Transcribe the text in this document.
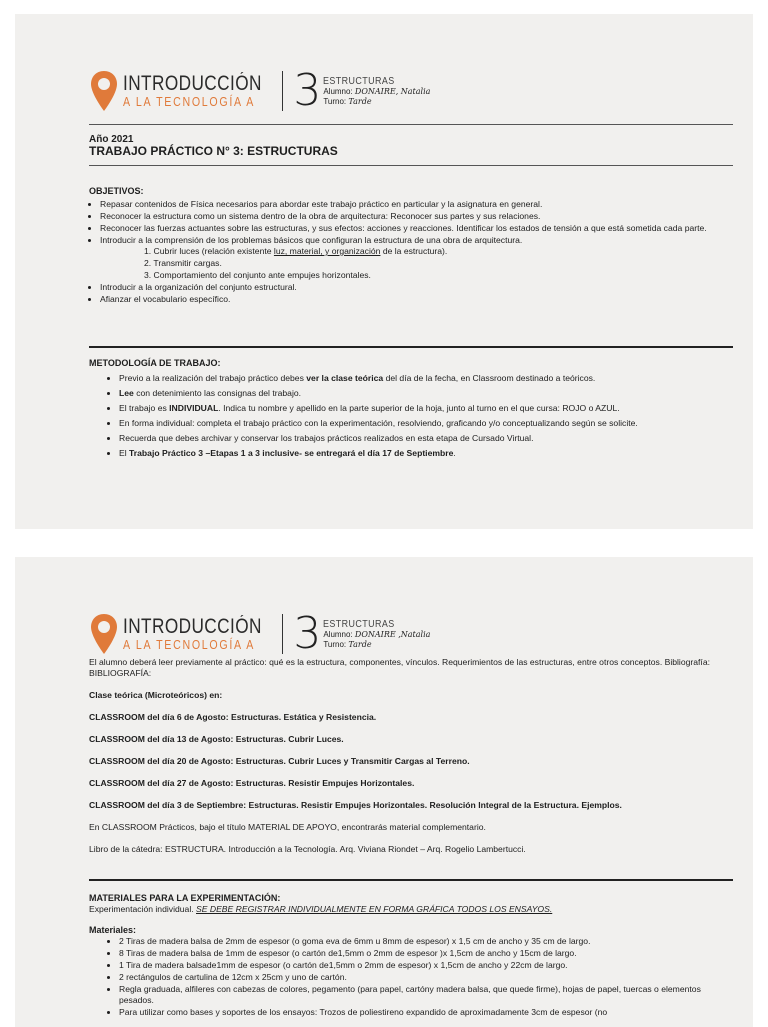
INTRODUCCIÓN
A LA TECNOLOGÍA A 3 ESTRUCTURAS
Alumno: DONAIRE, Natalia
Turno: Tarde
Año 2021
TRABAJO PRÁCTICO N° 3: ESTRUCTURAS
OBJETIVOS:
• Repasar contenidos de Física necesarios para abordar este trabajo práctico en particular y la asignatura en general.
• Reconocer la estructura como un sistema dentro de la obra de arquitectura: Reconocer sus partes y sus relaciones.
• Reconocer las fuerzas actuantes sobre las estructuras, y sus efectos: acciones y reacciones. Identificar los estados de tensión a que está sometida cada parte.
• Introducir a la comprensión de los problemas básicos que configuran la estructura de una obra de arquitectura.
1. Cubrir luces (relación existente luz, material, y organización de la estructura).
2. Transmitir cargas.
3. Comportamiento del conjunto ante empujes horizontales.
• Introducir a la organización del conjunto estructural.
• Afianzar el vocabulario específico.
METODOLOGÍA DE TRABAJO:
• Previo a la realización del trabajo práctico debes ver la clase teórica del día de la fecha, en Classroom destinado a teóricos.
• Lee con detenimiento las consignas del trabajo.
• El trabajo es INDIVIDUAL. Indica tu nombre y apellido en la parte superior de la hoja, junto al turno en el que cursa: ROJO o AZUL.
• En forma individual: completa el trabajo práctico con la experimentación, resolviendo, graficando y/o conceptualizando según se solicite.
• Recuerda que debes archivar y conservar los trabajos prácticos realizados en esta etapa de Cursado Virtual.
• El Trabajo Práctico 3 –Etapas 1 a 3 inclusive- se entregará el día 17 de Septiembre.
INTRODUCCIÓN
A LA TECNOLOGÍA A 3 ESTRUCTURAS
Alumno: DONAIRE ,Natalia
Turno: Tarde
El alumno deberá leer previamente al práctico: qué es la estructura, componentes, vínculos. Requerimientos de las estructuras, entre otros conceptos. Bibliografía: BIBLIOGRAFÍA:
Clase teórica (Microteóricos) en:
CLASSROOM del día 6 de Agosto: Estructuras. Estática y Resistencia.
CLASSROOM del día 13 de Agosto: Estructuras. Cubrir Luces.
CLASSROOM del día 20 de Agosto: Estructuras. Cubrir Luces y Transmitir Cargas al Terreno.
CLASSROOM del día 27 de Agosto: Estructuras. Resistir Empujes Horizontales.
CLASSROOM del día 3 de Septiembre: Estructuras. Resistir Empujes Horizontales. Resolución Integral de la Estructura. Ejemplos.
En CLASSROOM Prácticos, bajo el título MATERIAL DE APOYO, encontrarás material complementario.
Libro de la cátedra: ESTRUCTURA. Introducción a la Tecnología. Arq. Viviana Riondet – Arq. Rogelio Lambertucci.
MATERIALES PARA LA EXPERIMENTACIÓN:
Experimentación individual. SE DEBE REGISTRAR INDIVIDUALMENTE EN FORMA GRÁFICA TODOS LOS ENSAYOS.
Materiales:
• 2 Tiras de madera balsa de 2mm de espesor (o goma eva de 6mm u 8mm de espesor) x 1,5 cm de ancho y 35 cm de largo.
• 8 Tiras de madera balsa de 1mm de espesor (o cartón de1,5mm o 2mm de espesor )x 1,5cm de ancho y 15cm de largo.
• 1 Tira de madera balsade1mm de espesor (o cartón de1,5mm o 2mm de espesor) x 1,5cm de ancho y 22cm de largo.
• 2 rectángulos de cartulina de 12cm x 25cm y uno de cartón.
• Regla graduada, alfileres con cabezas de colores, pegamento (para papel, cartóny madera balsa, que quede firme), hojas de papel, tuercas o elementos pesados.
• Para utilizar como bases y soportes de los ensayos: Trozos de poliestireno expandido de aproximadamente 3cm de espesor (no
